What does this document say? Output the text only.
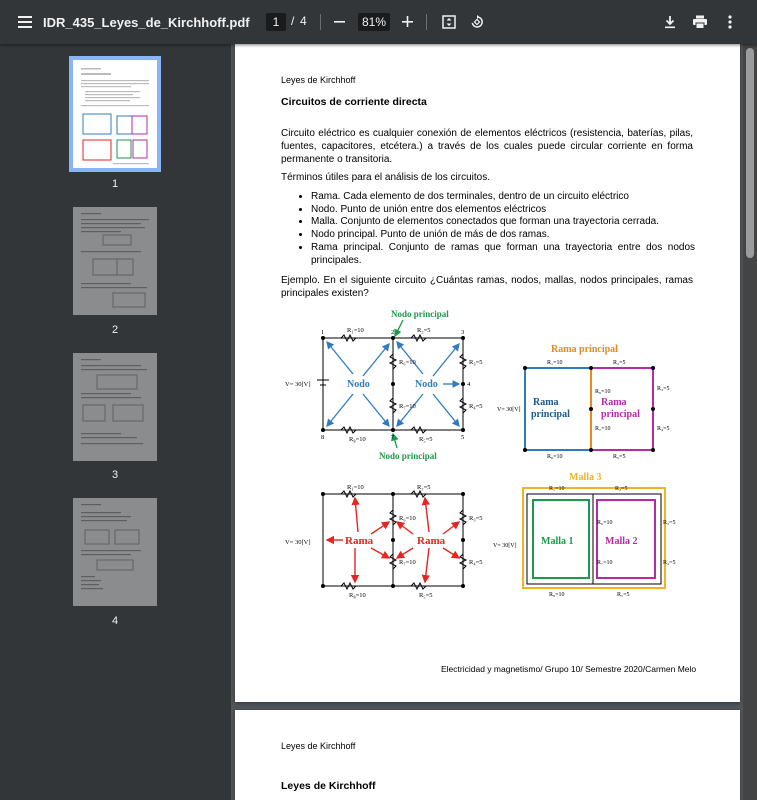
IDR_435_Leyes_de_Kirchhoff.pdf	1 / 4	81%
1
2
3
4
Leyes de Kirchhoff
Circuitos de corriente directa
Circuito eléctrico es cualquier conexión de elementos eléctricos (resistencia, baterías, pilas, fuentes, capacitores, etcétera.) a través de los cuales puede circular corriente en forma permanente o transitoria.
Términos útiles para el análisis de los circuitos.
• Rama. Cada elemento de dos terminales, dentro de un circuito eléctrico
• Nodo. Punto de unión entre dos elementos eléctricos
• Malla. Conjunto de elementos conectados que forman una trayectoria cerrada.
• Nodo principal. Punto de unión de más de dos ramas.
• Rama principal. Conjunto de ramas que forman una trayectoria entre dos nodos principales.
Ejemplo. En el siguiente circuito ¿Cuántas ramas, nodos, mallas, nodos principales, ramas principales existen?
1	2	3
4
5
7
8
R₁=10	R₂=5
R₃=5
R₄=5
R₅=5
R₆=10
R₇=10
R₈=10
V= 30[V]
Nodo principal
Nodo principal
Nodo	Nodo
Rama principal
Rama
principal
Rama
principal
R₁=10	R₂=5
R₃=5
R₄=5
R₅=5
R₆=10
R₇=10
R₈=10
V= 30[V]
Rama	Rama
R₁=10	R₂=5
R₃=5
R₄=5
R₅=5
R₆=10
R₇=10
R₈=10
V= 30[V]
Malla 3
Malla 1	Malla 2
R₁=10	R₂=5
R₃=5
R₄=5
R₅=5
R₆=10
R₇=10
R₈=10
V= 30[V]
Electricidad y magnetismo/ Grupo 10/ Semestre 2020/Carmen Melo
Leyes de Kirchhoff
Leyes de Kirchhoff
